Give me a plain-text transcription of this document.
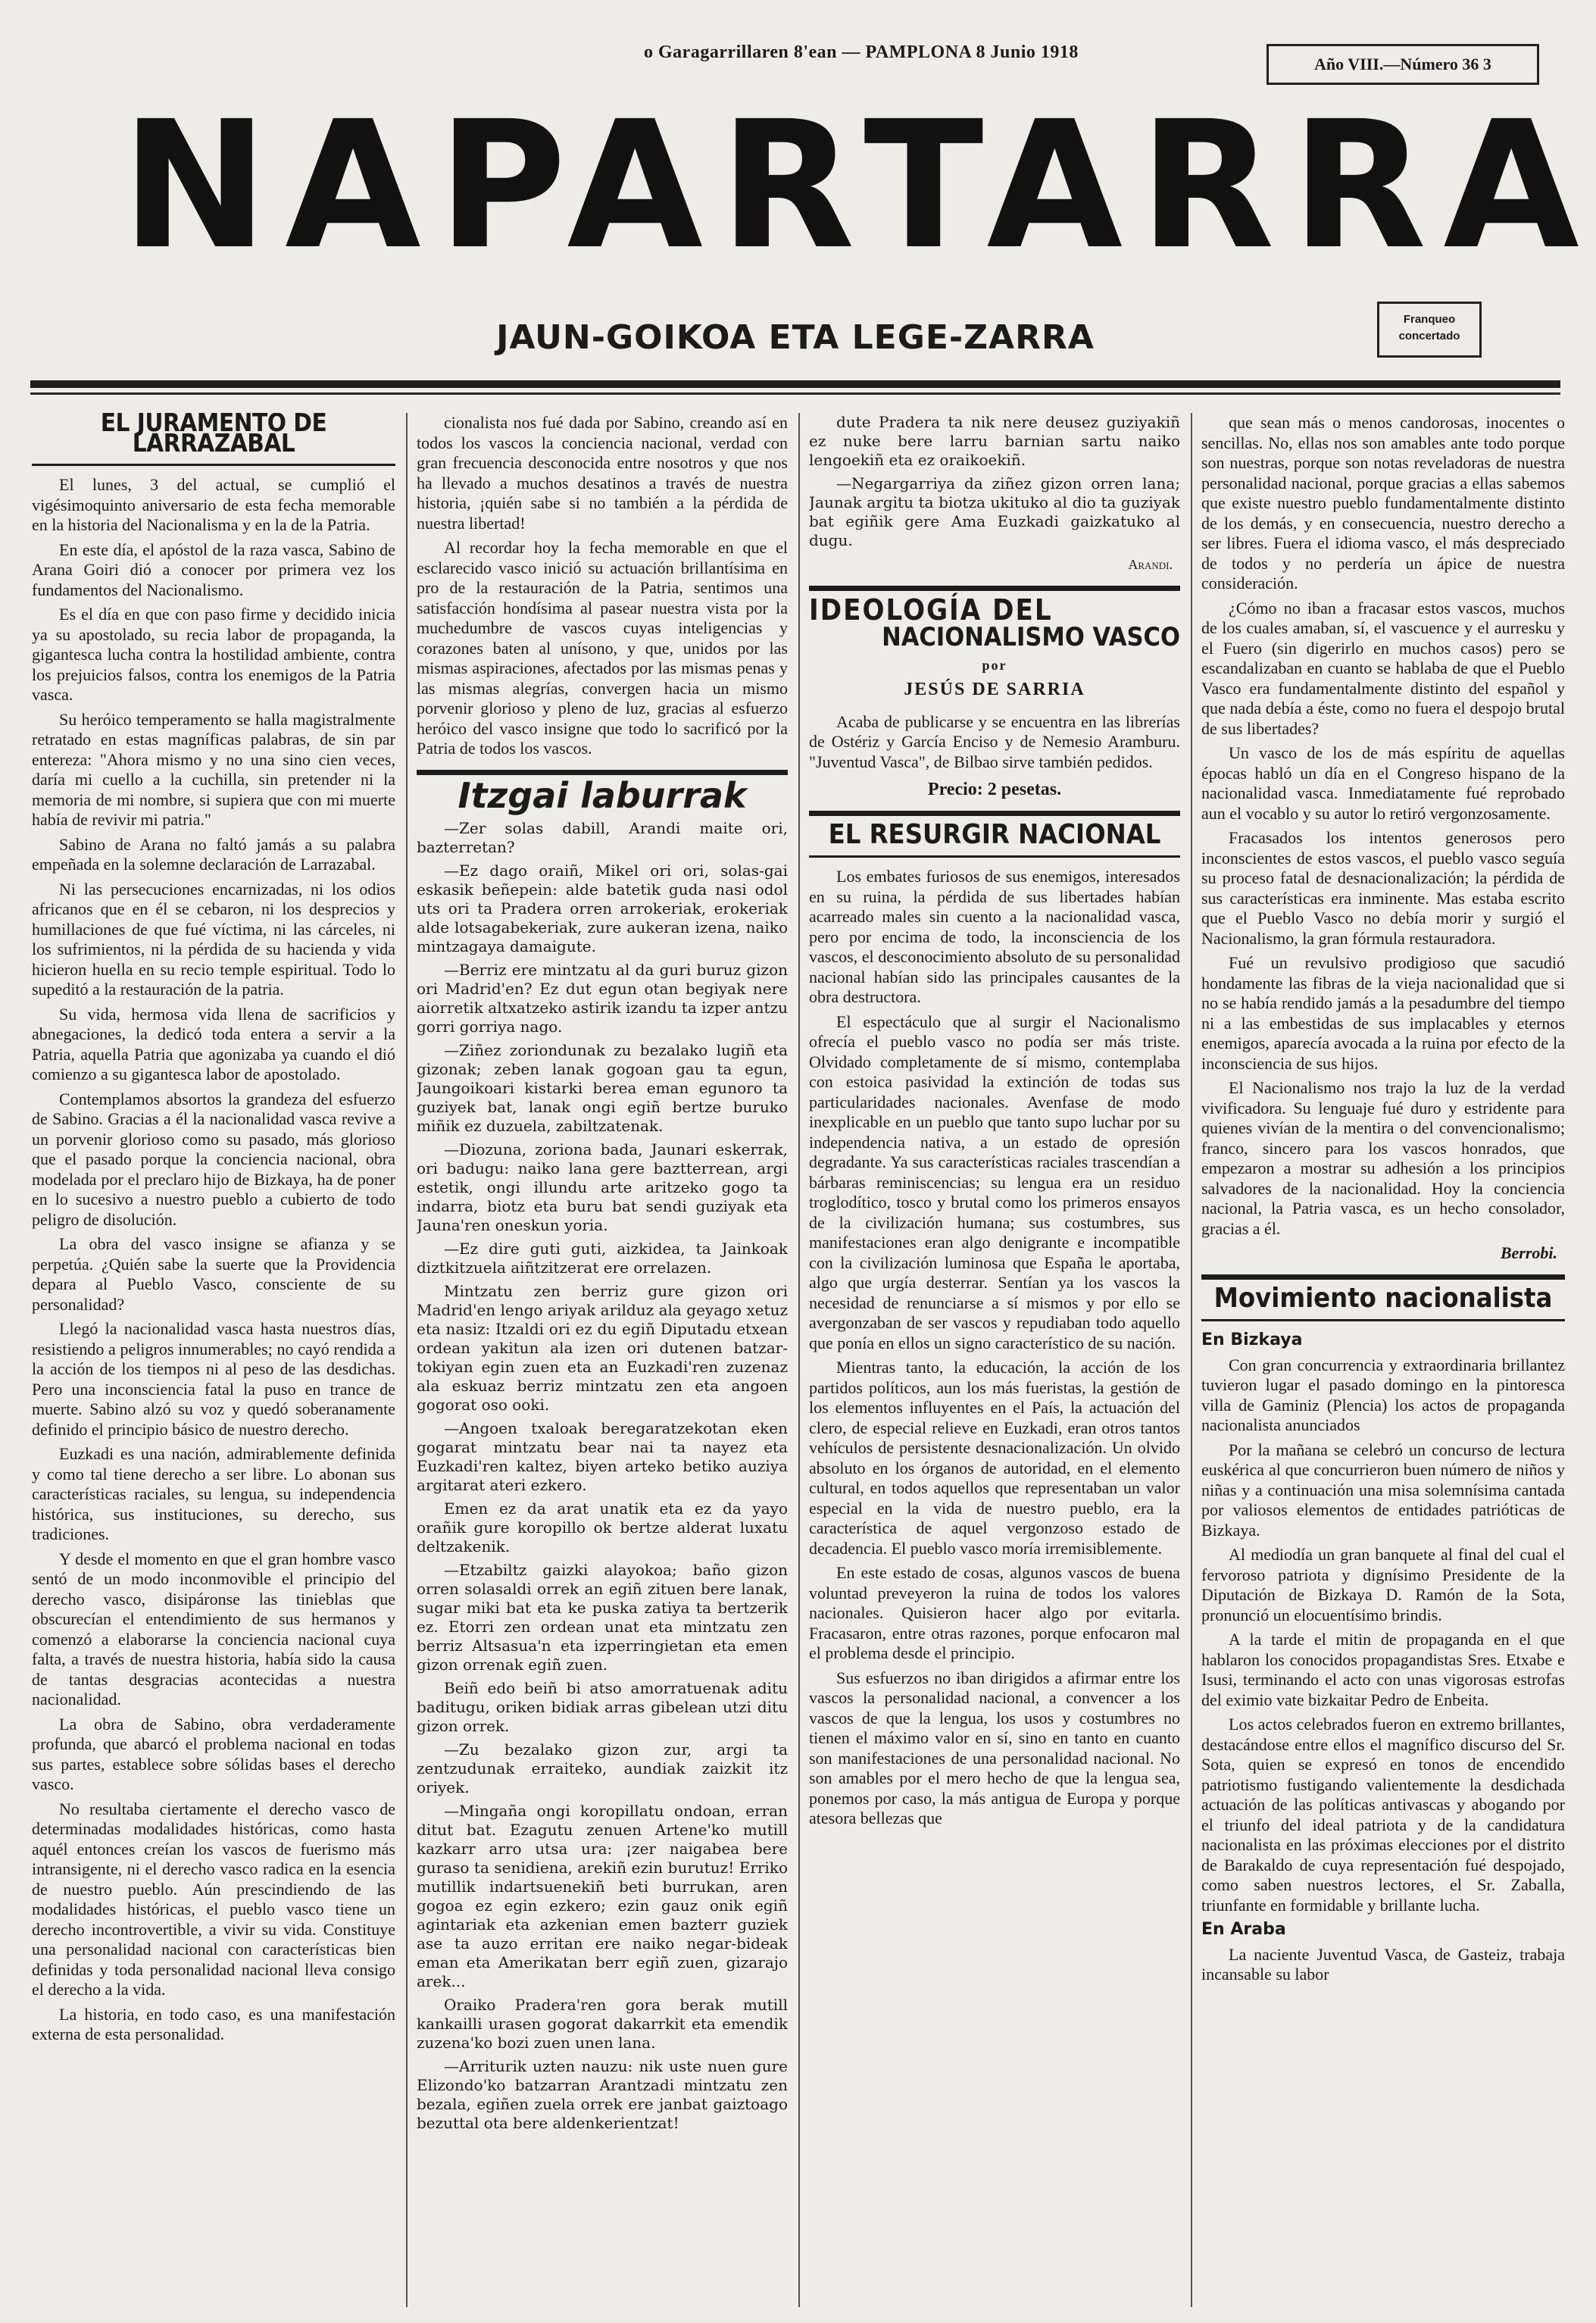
o Garagarrillaren 8'ean — PAMPLONA 8 Junio 1918
Año VIII.—Número 36 3
NAPARTARRA
JAUN-GOIKOA ETA LEGE-ZARRA	Franqueo
concertado
EL JURAMENTO DE LARRAZABAL

El lunes, 3 del actual, se cumplió el vigésimoquinto aniversario de esta fecha memorable en la historia del Nacionalisma y en la de la Patria.

En este día, el apóstol de la raza vasca, Sabino de Arana Goiri dió a conocer por primera vez los fundamentos del Nacionalismo.

Es el día en que con paso firme y decidido inicia ya su apostolado, su recia labor de propaganda, la gigantesca lucha contra la hostilidad ambiente, contra los prejuicios falsos, contra los enemigos de la Patria vasca.

Su heróico temperamento se halla magistralmente retratado en estas magníficas palabras, de sin par entereza: "Ahora mismo y no una sino cien veces, daría mi cuello a la cuchilla, sin pretender ni la memoria de mi nombre, si supiera que con mi muerte había de revivir mi patria."

Sabino de Arana no faltó jamás a su palabra empeñada en la solemne declaración de Larrazabal.

Ni las persecuciones encarnizadas, ni los odios africanos que en él se cebaron, ni los desprecios y humillaciones de que fué víctima, ni las cárceles, ni los sufrimientos, ni la pérdida de su hacienda y vida hicieron huella en su recio temple espiritual. Todo lo supeditó a la restauración de la patria.

Su vida, hermosa vida llena de sacrificios y abnegaciones, la dedicó toda entera a servir a la Patria, aquella Patria que agonizaba ya cuando el dió comienzo a su gigantesca labor de apostolado.

Contemplamos absortos la grandeza del esfuerzo de Sabino. Gracias a él la nacionalidad vasca revive a un porvenir glorioso como su pasado, más glorioso que el pasado porque la conciencia nacional, obra modelada por el preclaro hijo de Bizkaya, ha de poner en lo sucesivo a nuestro pueblo a cubierto de todo peligro de disolución.

La obra del vasco insigne se afianza y se perpetúa. ¿Quién sabe la suerte que la Providencia depara al Pueblo Vasco, consciente de su personalidad?

Llegó la nacionalidad vasca hasta nuestros días, resistiendo a peligros innumerables; no cayó rendida a la acción de los tiempos ni al peso de las desdichas. Pero una inconsciencia fatal la puso en trance de muerte. Sabino alzó su voz y quedó soberanamente definido el principio básico de nuestro derecho.

Euzkadi es una nación, admirablemente definida y como tal tiene derecho a ser libre. Lo abonan sus características raciales, su lengua, su independencia histórica, sus instituciones, su derecho, sus tradiciones.

Y desde el momento en que el gran hombre vasco sentó de un modo inconmovible el principio del derecho vasco, disipáronse las tinieblas que obscurecían el entendimiento de sus hermanos y comenzó a elaborarse la conciencia nacional cuya falta, a través de nuestra historia, había sido la causa de tantas desgracias acontecidas a nuestra nacionalidad.

La obra de Sabino, obra verdaderamente profunda, que abarcó el problema nacional en todas sus partes, establece sobre sólidas bases el derecho vasco.

No resultaba ciertamente el derecho vasco de determinadas modalidades históricas, como hasta aquél entonces creían los vascos de fuerismo más intransigente, ni el derecho vasco radica en la esencia de nuestro pueblo. Aún prescindiendo de las modalidades históricas, el pueblo vasco tiene un derecho incontrovertible, a vivir su vida. Constituye una personalidad nacional con características bien definidas y toda personalidad nacional lleva consigo el derecho a la vida.

La historia, en todo caso, es una manifestación externa de esta personalidad.

cionalista nos fué dada por Sabino, creando así en todos los vascos la conciencia nacional, verdad con gran frecuencia desconocida entre nosotros y que nos ha llevado a muchos desatinos a través de nuestra historia, ¡quién sabe si no también a la pérdida de nuestra libertad!

Al recordar hoy la fecha memorable en que el esclarecido vasco inició su actuación brillantísima en pro de la restauración de la Patria, sentimos una satisfacción hondísima al pasear nuestra vista por la muchedumbre de vascos cuyas inteligencias y corazones baten al unísono, y que, unidos por las mismas aspiraciones, afectados por las mismas penas y las mismas alegrías, convergen hacia un mismo porvenir glorioso y pleno de luz, gracias al esfuerzo heróico del vasco insigne que todo lo sacrificó por la Patria de todos los vascos.

Itzgai laburrak

—Zer solas dabill, Arandi maite ori, bazterretan?

—Ez dago oraiñ, Mikel ori ori, solas-gai eskasik beñepein: alde batetik guda nasi odol uts ori ta Pradera orren arrokeriak, erokeriak alde lotsagabekeriak, zure aukeran izena, naiko mintzagaya damaigute.

—Berriz ere mintzatu al da guri buruz gizon ori Madrid'en? Ez dut egun otan begiyak nere aiorretik altxatzeko astirik izandu ta izper antzu gorri gorriya nago.

—Ziñez zoriondunak zu bezalako lugiñ eta gizonak; zeben lanak gogoan gau ta egun, Jaungoikoari kistarki berea eman egunoro ta guziyek bat, lanak ongi egiñ bertze buruko miñik ez duzuela, zabiltzatenak.

—Diozuna, zoriona bada, Jaunari eskerrak, ori badugu: naiko lana gere baztterrean, argi estetik, ongi illundu arte aritzeko gogo ta indarra, biotz eta buru bat sendi guziyak eta Jauna'ren oneskun yoria.

—Ez dire guti guti, aizkidea, ta Jainkoak diztkitzuela aiñtzitzerat ere orrelazen.

Mintzatu zen berriz gure gizon ori Madrid'en lengo ariyak arilduz ala geyago xetuz eta nasiz: Itzaldi ori ez du egiñ Diputadu etxean ordean yakitun ala izen ori dutenen batzar-tokiyan egin zuen eta an Euzkadi'ren zuzenaz ala eskuaz berriz mintzatu zen eta angoen gogorat oso ooki.

—Angoen txaloak beregaratzekotan eken gogarat mintzatu bear nai ta nayez eta Euzkadi'ren kaltez, biyen arteko betiko auziya argitarat ateri ezkero.

Emen ez da arat unatik eta ez da yayo orañik gure koropillo ok bertze alderat luxatu deltzakenik.

—Etzabiltz gaizki alayokoa; baño gizon orren solasaldi orrek an egiñ zituen bere lanak, sugar miki bat eta ke puska zatiya ta bertzerik ez. Etorri zen ordean unat eta mintzatu zen berriz Altsasua'n eta izperringietan eta emen gizon orrenak egiñ zuen.

Beiñ edo beiñ bi atso amorratuenak aditu baditugu, oriken bidiak arras gibelean utzi ditu gizon orrek.

—Zu bezalako gizon zur, argi ta zentzudunak erraiteko, aundiak zaizkit itz oriyek.

—Mingaña ongi koropillatu ondoan, erran ditut bat. Ezagutu zenuen Artene'ko mutill kazkarr arro utsa ura: ¡zer naigabea bere guraso ta senidiena, arekiñ ezin burutuz! Erriko mutillik indartsuenekiñ beti burrukan, aren gogoa ez egin ezkero; ezin gauz onik egiñ agintariak eta azkenian emen bazterr guziek ase ta auzo erritan ere naiko negar-bideak eman eta Amerikatan berr egiñ zuen, gizarajo arek...

Oraiko Pradera'ren gora berak mutill kankailli urasen gogorat dakarrkit eta emendik zuzena'ko bozi zuen unen lana.

—Arriturik uzten nauzu: nik uste nuen gure Elizondo'ko batzarran Arantzadi mintzatu zen bezala, egiñen zuela orrek ere janbat gaiztoago bezuttal ota bere aldenkerientzat!

dute Pradera ta nik nere deusez guziyakiñ ez nuke bere larru barnian sartu naiko lengoekiñ eta ez oraikoekiñ.

—Negargarriya da ziñez gizon orren lana; Jaunak argitu ta biotza ukituko al dio ta guziyak bat egiñik gere Ama Euzkadi gaizkatuko al dugu.

Arandi.
IDEOLOGÍA DEL
NACIONALISMO VASCO
por
JESÚS DE SARRIA

Acaba de publicarse y se encuentra en las librerías de Ostériz y García Enciso y de Nemesio Aramburu. "Juventud Vasca", de Bilbao sirve también pedidos.

Precio: 2 pesetas.
EL RESURGIR NACIONAL

Los embates furiosos de sus enemigos, interesados en su ruina, la pérdida de sus libertades habían acarreado males sin cuento a la nacionalidad vasca, pero por encima de todo, la inconsciencia de los vascos, el desconocimiento absoluto de su personalidad nacional habían sido las principales causantes de la obra destructora.

El espectáculo que al surgir el Nacionalismo ofrecía el pueblo vasco no podía ser más triste. Olvidado completamente de sí mismo, contemplaba con estoica pasividad la extinción de todas sus particularidades nacionales. Avenfase de modo inexplicable en un pueblo que tanto supo luchar por su independencia nativa, a un estado de opresión degradante. Ya sus características raciales trascendían a bárbaras reminiscencias; su lengua era un residuo troglodítico, tosco y brutal como los primeros ensayos de la civilización humana; sus costumbres, sus manifestaciones eran algo denigrante e incompatible con la civilización luminosa que España le aportaba, algo que urgía desterrar. Sentían ya los vascos la necesidad de renunciarse a sí mismos y por ello se avergonzaban de ser vascos y repudiaban todo aquello que ponía en ellos un signo característico de su nación.

Mientras tanto, la educación, la acción de los partidos políticos, aun los más fueristas, la gestión de los elementos influyentes en el País, la actuación del clero, de especial relieve en Euzkadi, eran otros tantos vehículos de persistente desnacionalización. Un olvido absoluto en los órganos de autoridad, en el elemento cultural, en todos aquellos que representaban un valor especial en la vida de nuestro pueblo, era la característica de aquel vergonzoso estado de decadencia. El pueblo vasco moría irremisiblemente.

En este estado de cosas, algunos vascos de buena voluntad preveyeron la ruina de todos los valores nacionales. Quisieron hacer algo por evitarla. Fracasaron, entre otras razones, porque enfocaron mal el problema desde el principio.

Sus esfuerzos no iban dirigidos a afirmar entre los vascos la personalidad nacional, a convencer a los vascos de que la lengua, los usos y costumbres no tienen el máximo valor en sí, sino en tanto en cuanto son manifestaciones de una personalidad nacional. No son amables por el mero hecho de que la lengua sea, ponemos por caso, la más antigua de Europa y porque atesora bellezas que

que sean más o menos candorosas, inocentes o sencillas. No, ellas nos son amables ante todo porque son nuestras, porque son notas reveladoras de nuestra personalidad nacional, porque gracias a ellas sabemos que existe nuestro pueblo fundamentalmente distinto de los demás, y en consecuencia, nuestro derecho a ser libres. Fuera el idioma vasco, el más despreciado de todos y no perdería un ápice de nuestra consideración.

¿Cómo no iban a fracasar estos vascos, muchos de los cuales amaban, sí, el vascuence y el aurresku y el Fuero (sin digerirlo en muchos casos) pero se escandalizaban en cuanto se hablaba de que el Pueblo Vasco era fundamentalmente distinto del español y que nada debía a éste, como no fuera el despojo brutal de sus libertades?

Un vasco de los de más espíritu de aquellas épocas habló un día en el Congreso hispano de la nacionalidad vasca. Inmediatamente fué reprobado aun el vocablo y su autor lo retiró vergonzosamente.

Fracasados los intentos generosos pero inconscientes de estos vascos, el pueblo vasco seguía su proceso fatal de desnacionalización; la pérdida de sus características era inminente. Mas estaba escrito que el Pueblo Vasco no debía morir y surgió el Nacionalismo, la gran fórmula restauradora.

Fué un revulsivo prodigioso que sacudió hondamente las fibras de la vieja nacionalidad que si no se había rendido jamás a la pesadumbre del tiempo ni a las embestidas de sus implacables y eternos enemigos, aparecía avocada a la ruina por efecto de la inconsciencia de sus hijos.

El Nacionalismo nos trajo la luz de la verdad vivificadora. Su lenguaje fué duro y estridente para quienes vivían de la mentira o del convencionalismo; franco, sincero para los vascos honrados, que empezaron a mostrar su adhesión a los principios salvadores de la nacionalidad. Hoy la conciencia nacional, la Patria vasca, es un hecho consolador, gracias a él.

Berrobi.
Movimiento nacionalista

En Bizkaya

Con gran concurrencia y extraordinaria brillantez tuvieron lugar el pasado domingo en la pintoresca villa de Gaminiz (Plencia) los actos de propaganda nacionalista anunciados

Por la mañana se celebró un concurso de lectura euskérica al que concurrieron buen número de niños y niñas y a continuación una misa solemnísima cantada por valiosos elementos de entidades patrióticas de Bizkaya.

Al mediodía un gran banquete al final del cual el fervoroso patriota y dignísimo Presidente de la Diputación de Bizkaya D. Ramón de la Sota, pronunció un elocuentísimo brindis.

A la tarde el mitin de propaganda en el que hablaron los conocidos propagandistas Sres. Etxabe e Isusi, terminando el acto con unas vigorosas estrofas del eximio vate bizkaitar Pedro de Enbeita.

Los actos celebrados fueron en extremo brillantes, destacándose entre ellos el magnífico discurso del Sr. Sota, quien se expresó en tonos de encendido patriotismo fustigando valientemente la desdichada actuación de las políticas antivascas y abogando por el triunfo del ideal patriota y de la candidatura nacionalista en las próximas elecciones por el distrito de Barakaldo de cuya representación fué despojado, como saben nuestros lectores, el Sr. Zaballa, triunfante en formidable y brillante lucha.

En Araba

La naciente Juventud Vasca, de Gasteiz, trabaja incansable su labor
